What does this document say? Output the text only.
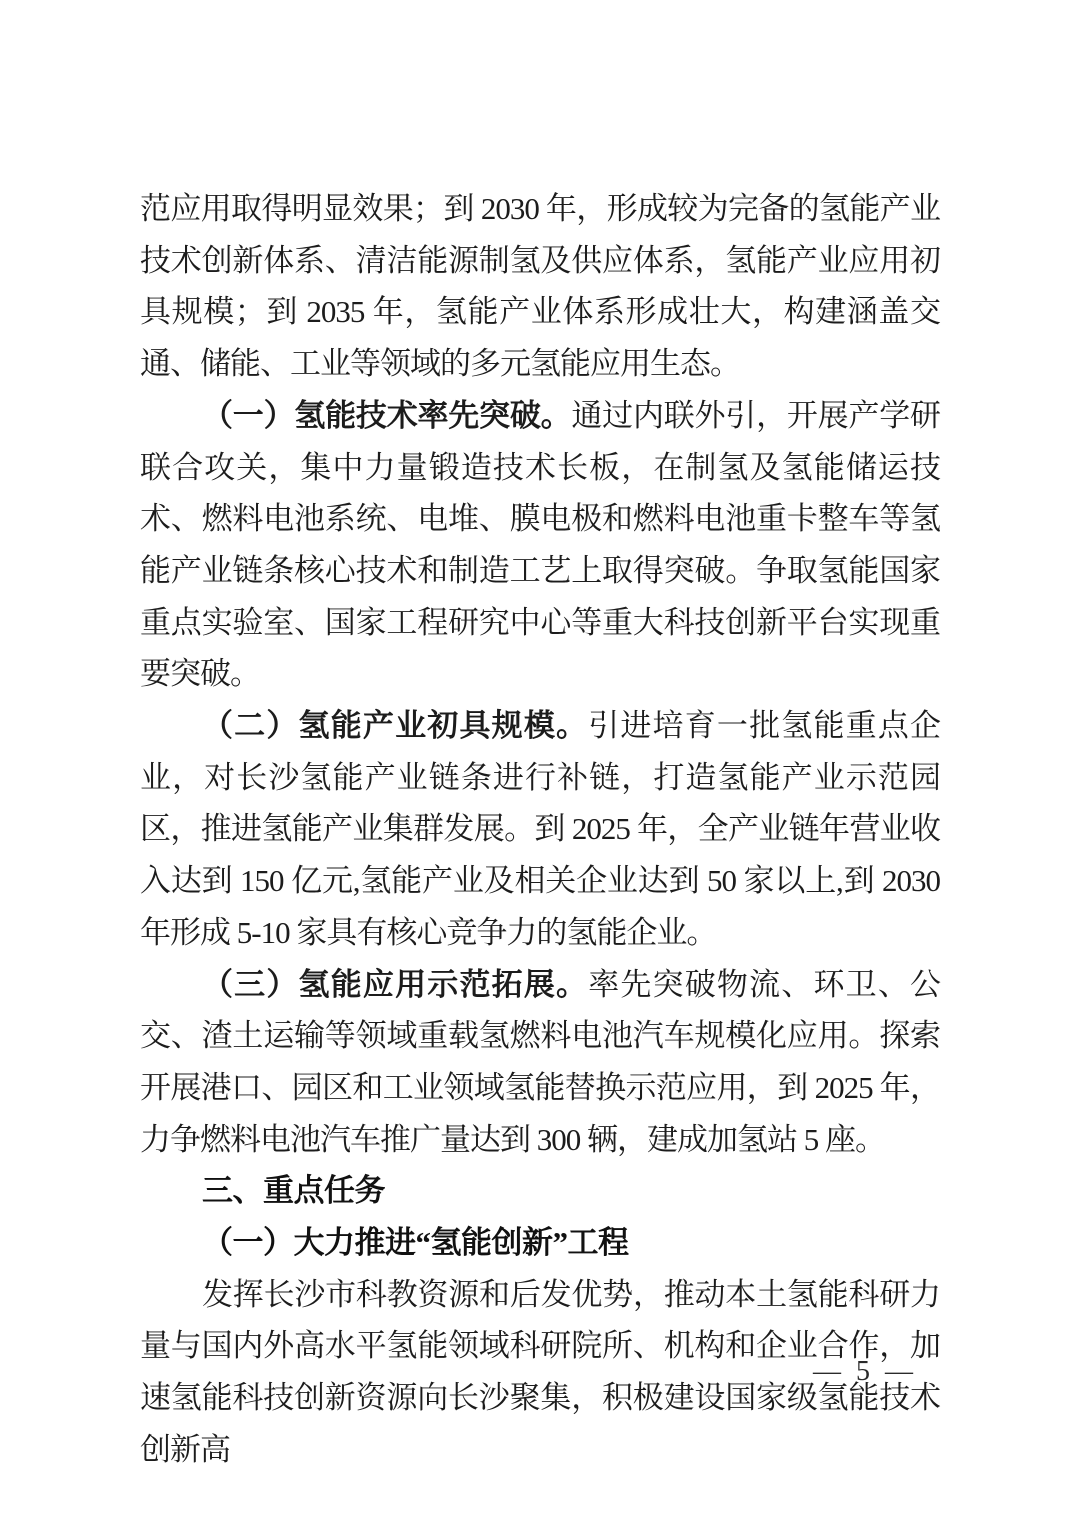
范应用取得明显效果；到 2030 年，形成较为完备的氢能产业技术创新体系、清洁能源制氢及供应体系，氢能产业应用初具规模；到 2035 年，氢能产业体系形成壮大，构建涵盖交通、储能、工业等领域的多元氢能应用生态。

（一）氢能技术率先突破。通过内联外引，开展产学研联合攻关，集中力量锻造技术长板，在制氢及氢能储运技术、燃料电池系统、电堆、膜电极和燃料电池重卡整车等氢能产业链条核心技术和制造工艺上取得突破。争取氢能国家重点实验室、国家工程研究中心等重大科技创新平台实现重要突破。

（二）氢能产业初具规模。引进培育一批氢能重点企业，对长沙氢能产业链条进行补链，打造氢能产业示范园区，推进氢能产业集群发展。到 2025 年，全产业链年营业收入达到 150 亿元,氢能产业及相关企业达到 50 家以上,到 2030 年形成 5-10 家具有核心竞争力的氢能企业。

（三）氢能应用示范拓展。率先突破物流、环卫、公交、渣土运输等领域重载氢燃料电池汽车规模化应用。探索开展港口、园区和工业领域氢能替换示范应用，到 2025 年，力争燃料电池汽车推广量达到 300 辆，建成加氢站 5 座。

三、重点任务
（一）大力推进“氢能创新”工程

发挥长沙市科教资源和后发优势，推动本土氢能科研力量与国内外高水平氢能领域科研院所、机构和企业合作，加速氢能科技创新资源向长沙聚集，积极建设国家级氢能技术创新高

— 5 —
